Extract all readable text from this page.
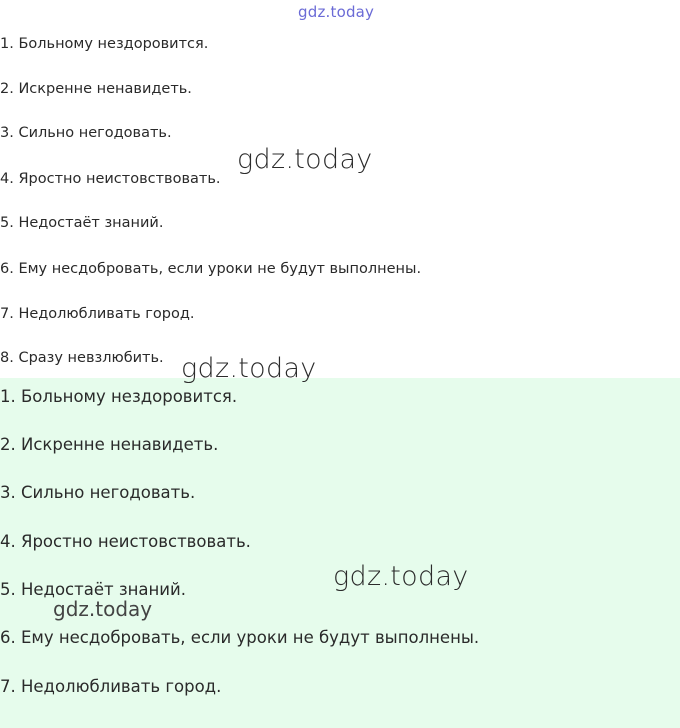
gdz.today
1. Больному нездоровится.
2. Искренне ненавидеть.
3. Сильно негодовать.
4. Яростно неистовствовать.
5. Недостаёт знаний.
6. Ему несдобровать, если уроки не будут выполнены.
7. Недолюбливать город.
8. Сразу невзлюбить.
1. Больному нездоровится.
2. Искренне ненавидеть.
3. Сильно негодовать.
4. Яростно неистовствовать.
5. Недостаёт знаний.
6. Ему несдобровать, если уроки не будут выполнены.
7. Недолюбливать город.
gdz.today
gdz.today
gdz.today
gdz.today
